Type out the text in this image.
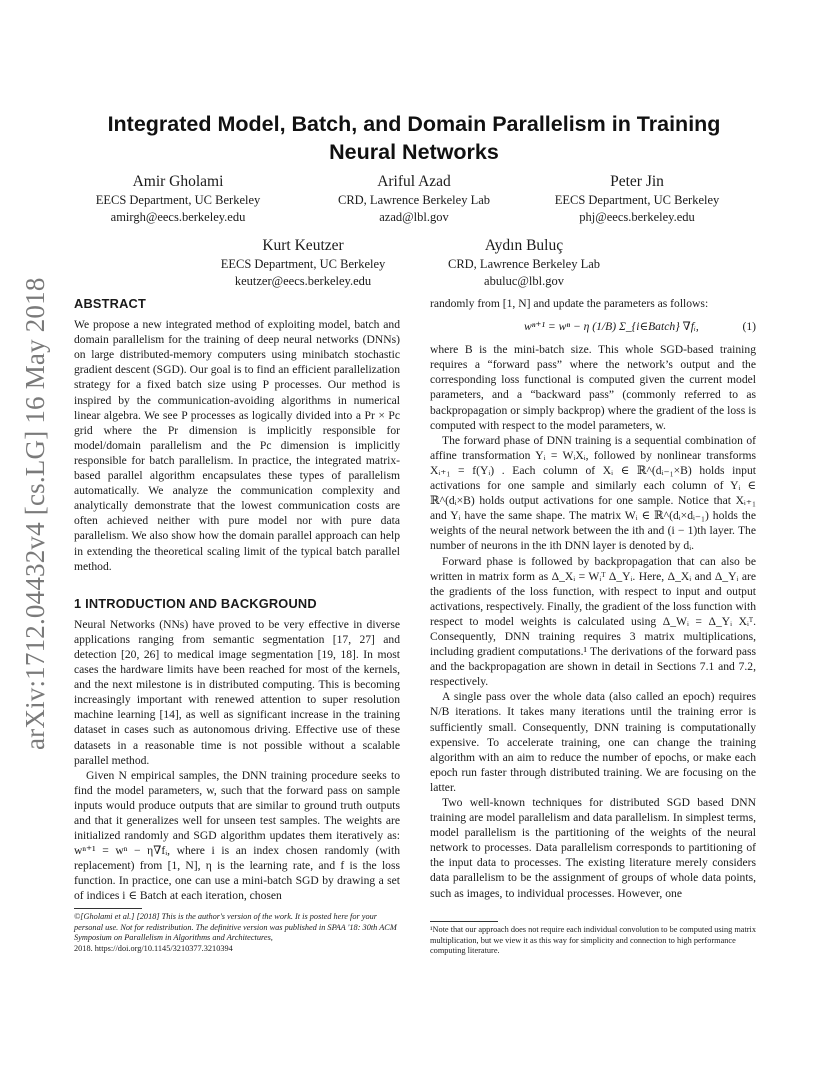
arXiv:1712.04432v4 [cs.LG] 16 May 2018
Integrated Model, Batch, and Domain Parallelism in Training Neural Networks
Amir Gholami
EECS Department, UC Berkeley
amirgh@eecs.berkeley.edu
Ariful Azad
CRD, Lawrence Berkeley Lab
azad@lbl.gov
Peter Jin
EECS Department, UC Berkeley
phj@eecs.berkeley.edu
Kurt Keutzer
EECS Department, UC Berkeley
keutzer@eecs.berkeley.edu
Aydın Buluç
CRD, Lawrence Berkeley Lab
abuluc@lbl.gov
ABSTRACT

We propose a new integrated method of exploiting model, batch and domain parallelism for the training of deep neural networks (DNNs) on large distributed-memory computers using minibatch stochastic gradient descent (SGD). Our goal is to find an efficient parallelization strategy for a fixed batch size using P processes. Our method is inspired by the communication-avoiding algorithms in numerical linear algebra. We see P processes as logically divided into a Pr × Pc grid where the Pr dimension is implicitly responsible for model/domain parallelism and the Pc dimension is implicitly responsible for batch parallelism. In practice, the integrated matrix-based parallel algorithm encapsulates these types of parallelism automatically. We analyze the communication complexity and analytically demonstrate that the lowest communication costs are often achieved neither with pure model nor with pure data parallelism. We also show how the domain parallel approach can help in extending the theoretical scaling limit of the typical batch parallel method.

1 INTRODUCTION AND BACKGROUND

Neural Networks (NNs) have proved to be very effective in diverse applications ranging from semantic segmentation [17, 27] and detection [20, 26] to medical image segmentation [19, 18]. In most cases the hardware limits have been reached for most of the kernels, and the next milestone is in distributed computing. This is becoming increasingly important with renewed attention to super resolution machine learning [14], as well as significant increase in the training dataset in cases such as autonomous driving. Effective use of these datasets in a reasonable time is not possible without a scalable parallel method.

Given N empirical samples, the DNN training procedure seeks to find the model parameters, w, such that the forward pass on sample inputs would produce outputs that are similar to ground truth outputs and that it generalizes well for unseen test samples. The weights are initialized randomly and SGD algorithm updates them iteratively as: wⁿ⁺¹ = wⁿ − η∇fᵢ, where i is an index chosen randomly (with replacement) from [1, N], η is the learning rate, and f is the loss function. In practice, one can use a mini-batch SGD by drawing a set of indices i ∈ Batch at each iteration, chosen

©[Gholami et al.] [2018] This is the author's version of the work. It is posted here for your personal use. Not for redistribution. The definitive version was published in SPAA '18: 30th ACM Symposium on Parallelism in Algorithms and Architectures,
2018. https://doi.org/10.1145/3210377.3210394

randomly from [1, N] and update the parameters as follows:

wⁿ⁺¹ = wⁿ − η (1/B) Σ_{i∈Batch} ∇fᵢ,	(1)

where B is the mini-batch size. This whole SGD-based training requires a “forward pass” where the network’s output and the corresponding loss functional is computed given the current model parameters, and a “backward pass” (commonly referred to as backpropagation or simply backprop) where the gradient of the loss is computed with respect to the model parameters, w.

The forward phase of DNN training is a sequential combination of affine transformation Yᵢ = WᵢXᵢ, followed by nonlinear transforms Xᵢ₊₁ = f(Yᵢ) . Each column of Xᵢ ∈ ℝ^(dᵢ₋₁×B) holds input activations for one sample and similarly each column of Yᵢ ∈ ℝ^(dᵢ×B) holds output activations for one sample. Notice that Xᵢ₊₁ and Yᵢ have the same shape. The matrix Wᵢ ∈ ℝ^(dᵢ×dᵢ₋₁) holds the weights of the neural network between the ith and (i − 1)th layer. The number of neurons in the ith DNN layer is denoted by dᵢ.

Forward phase is followed by backpropagation that can also be written in matrix form as Δ_Xᵢ = Wᵢᵀ Δ_Yᵢ. Here, Δ_Xᵢ and Δ_Yᵢ are the gradients of the loss function, with respect to input and output activations, respectively. Finally, the gradient of the loss function with respect to model weights is calculated using Δ_Wᵢ = Δ_Yᵢ Xᵢᵀ. Consequently, DNN training requires 3 matrix multiplications, including gradient computations.¹ The derivations of the forward pass and the backpropagation are shown in detail in Sections 7.1 and 7.2, respectively.

A single pass over the whole data (also called an epoch) requires N/B iterations. It takes many iterations until the training error is sufficiently small. Consequently, DNN training is computationally expensive. To accelerate training, one can change the training algorithm with an aim to reduce the number of epochs, or make each epoch run faster through distributed training. We are focusing on the latter.

Two well-known techniques for distributed SGD based DNN training are model parallelism and data parallelism. In simplest terms, model parallelism is the partitioning of the weights of the neural network to processes. Data parallelism corresponds to partitioning of the input data to processes. The existing literature merely considers data parallelism to be the assignment of groups of whole data points, such as images, to individual processes. However, one

¹Note that our approach does not require each individual convolution to be computed using matrix multiplication, but we view it as this way for simplicity and connection to high performance computing literature.
